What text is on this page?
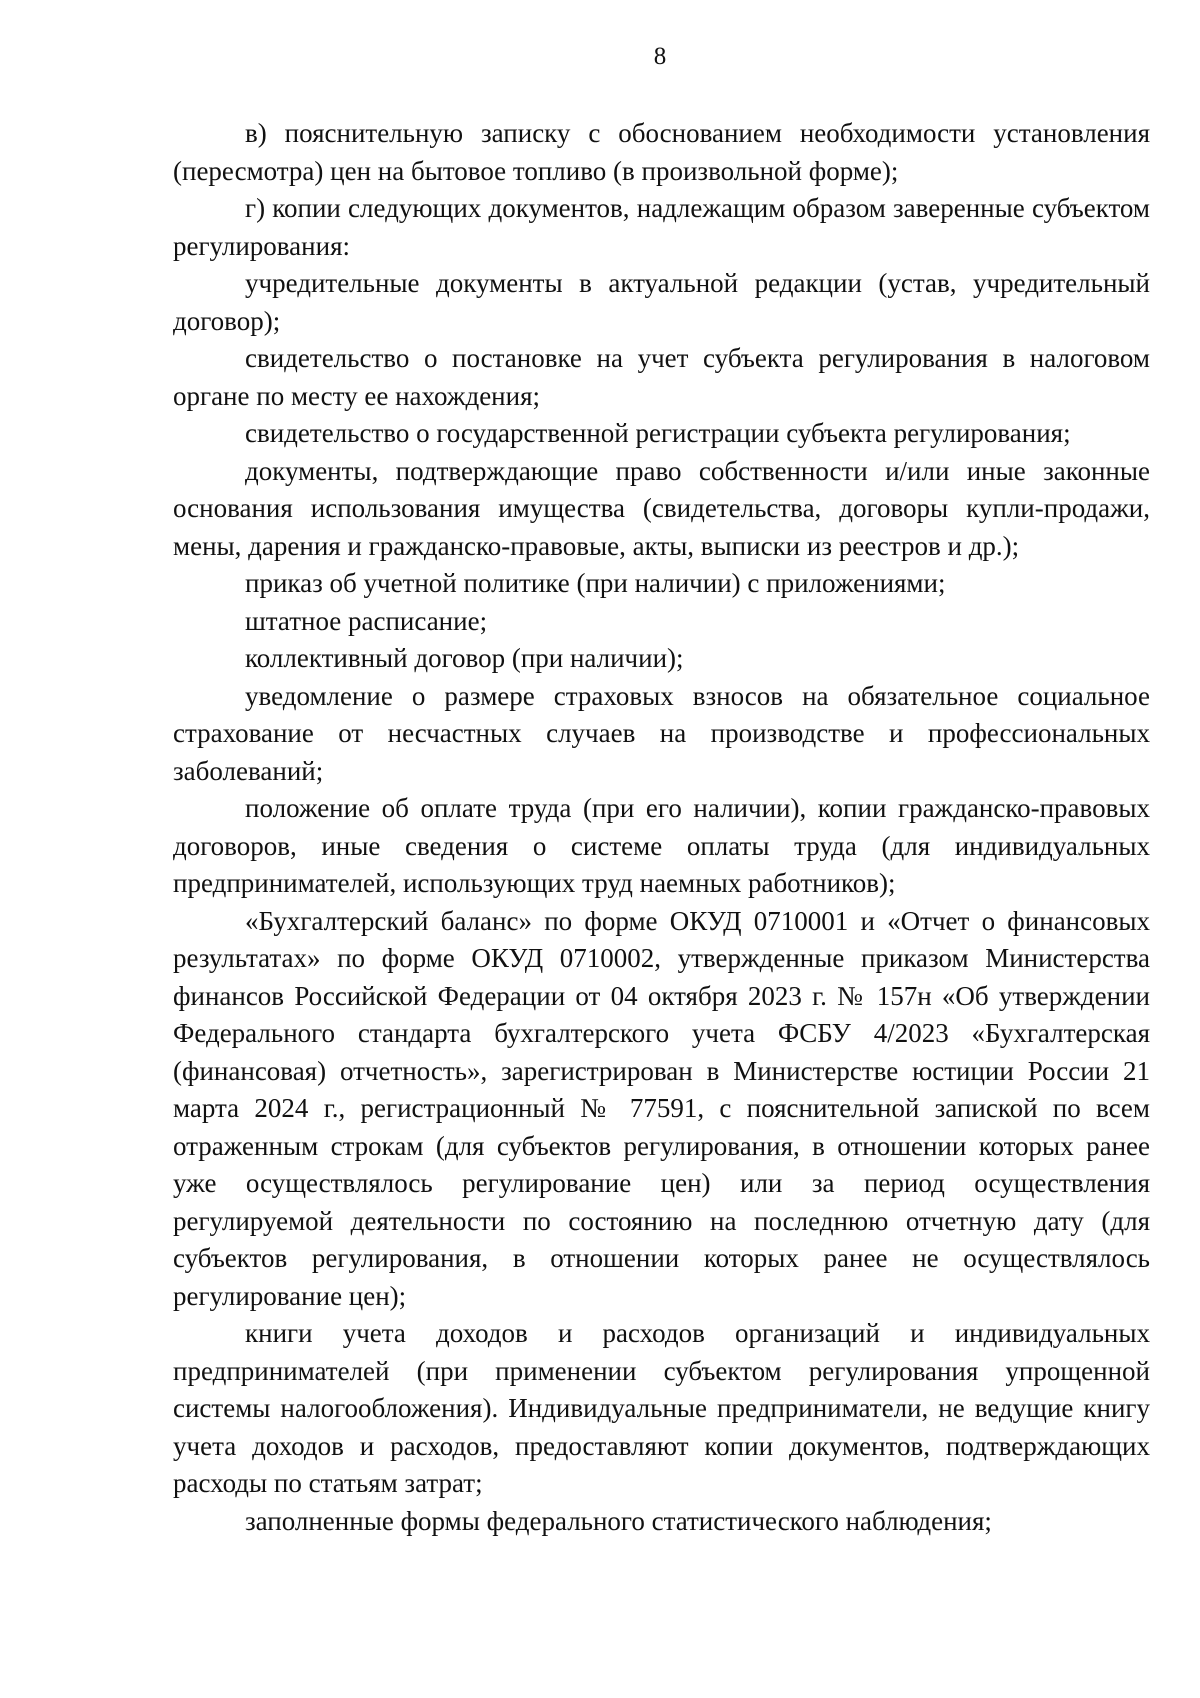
8

в) пояснительную записку с обоснованием необходимости установления (пересмотра) цен на бытовое топливо (в произвольной форме);

г) копии следующих документов, надлежащим образом заверенные субъектом регулирования:

учредительные документы в актуальной редакции (устав, учредительный договор);

свидетельство о постановке на учет субъекта регулирования в налоговом органе по месту ее нахождения;

свидетельство о государственной регистрации субъекта регулирования;

документы, подтверждающие право собственности и/или иные законные основания использования имущества (свидетельства, договоры купли-продажи, мены, дарения и гражданско-правовые, акты, выписки из реестров и др.);

приказ об учетной политике (при наличии) с приложениями;

штатное расписание;

коллективный договор (при наличии);

уведомление о размере страховых взносов на обязательное социальное страхование от несчастных случаев на производстве и профессиональных заболеваний;

положение об оплате труда (при его наличии), копии гражданско-правовых договоров, иные сведения о системе оплаты труда (для индивидуальных предпринимателей, использующих труд наемных работников);

«Бухгалтерский баланс» по форме ОКУД 0710001 и «Отчет о финансовых результатах» по форме ОКУД 0710002, утвержденные приказом Министерства финансов Российской Федерации от 04 октября 2023 г. № 157н «Об утверждении Федерального стандарта бухгалтерского учета ФСБУ 4/2023 «Бухгалтерская (финансовая) отчетность», зарегистрирован в Министерстве юстиции России 21 марта 2024 г., регистрационный № 77591, с пояснительной запиской по всем отраженным строкам (для субъектов регулирования, в отношении которых ранее уже осуществлялось регулирование цен) или за период осуществления регулируемой деятельности по состоянию на последнюю отчетную дату (для субъектов регулирования, в отношении которых ранее не осуществлялось регулирование цен);

книги учета доходов и расходов организаций и индивидуальных предпринимателей (при применении субъектом регулирования упрощенной системы налогообложения). Индивидуальные предприниматели, не ведущие книгу учета доходов и расходов, предоставляют копии документов, подтверждающих расходы по статьям затрат;

заполненные формы федерального статистического наблюдения;
